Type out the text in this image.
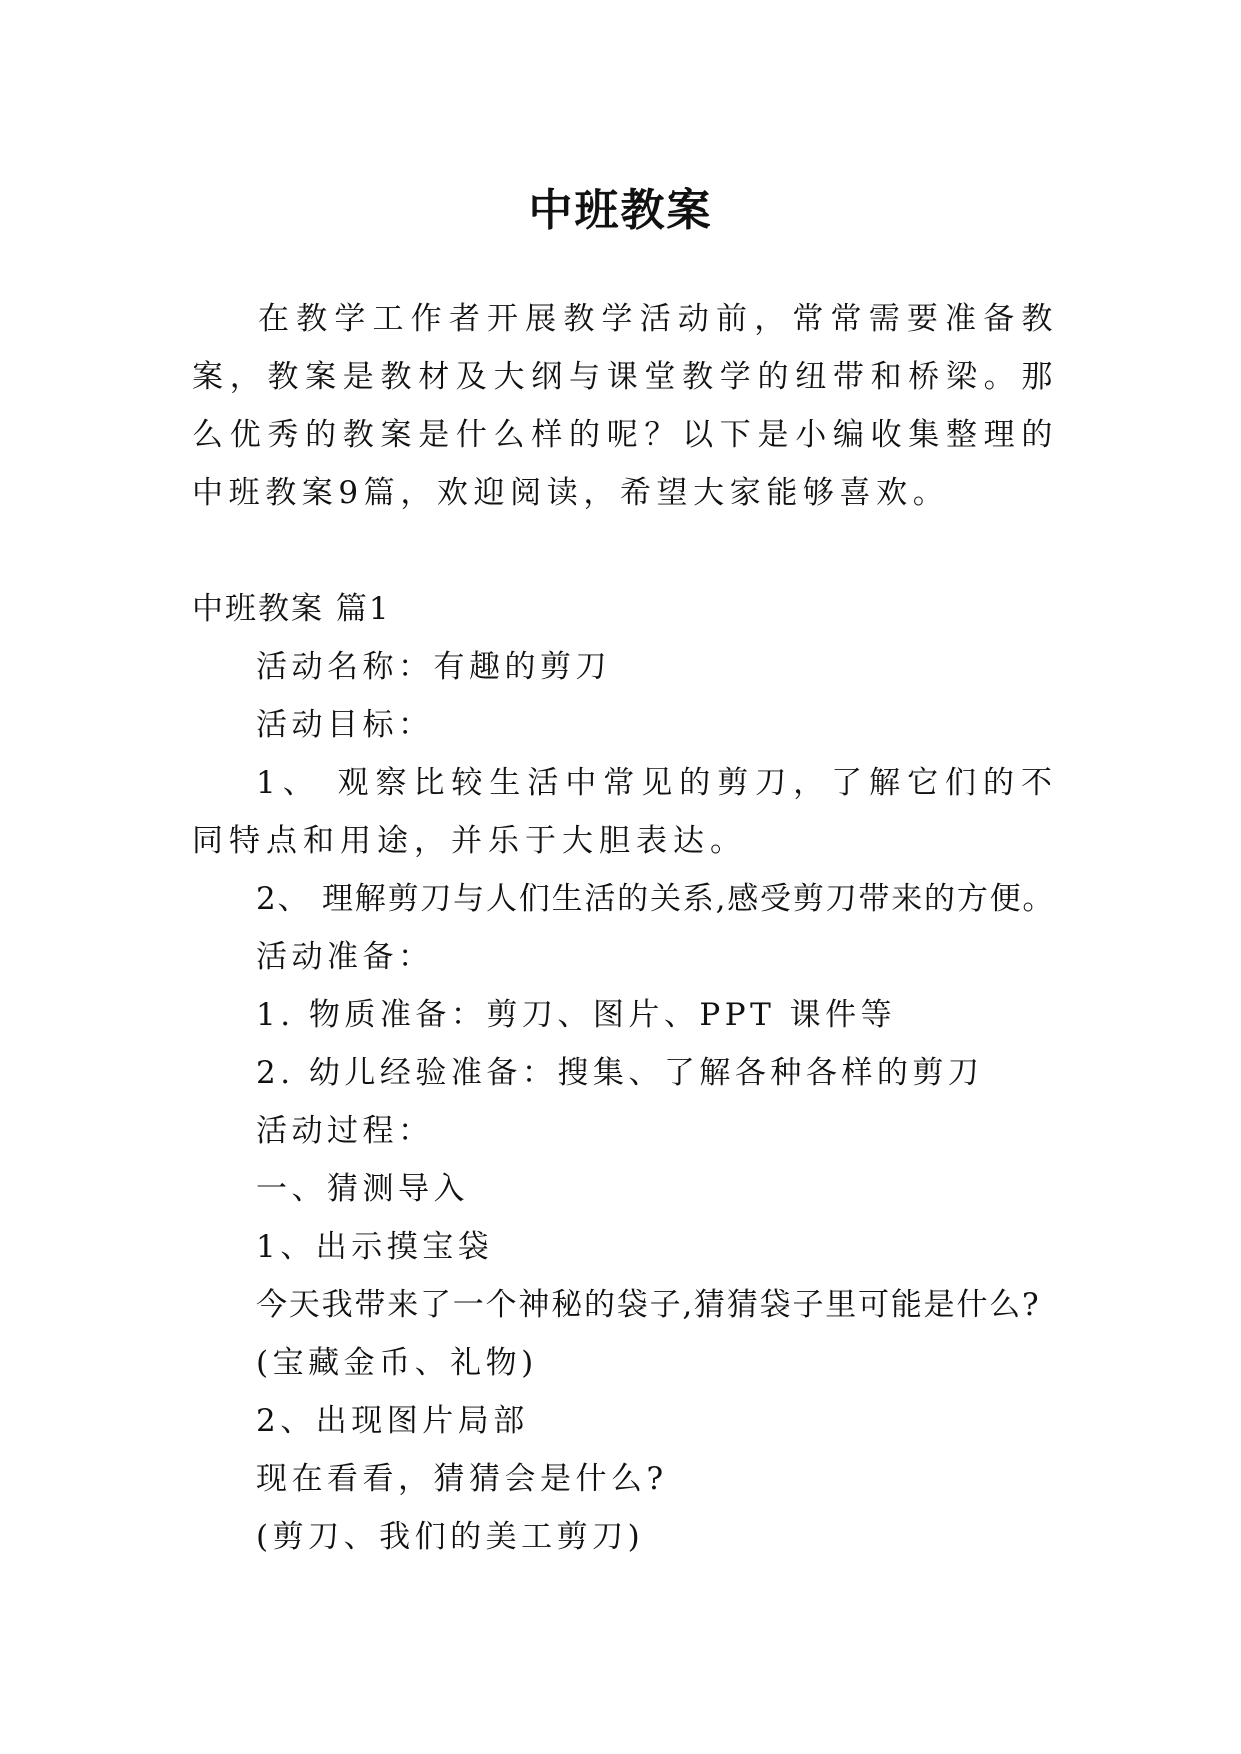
中班教案

在教学工作者开展教学活动前，常常需要准备教案，教案是教材及大纲与课堂教学的纽带和桥梁。那么优秀的教案是什么样的呢？以下是小编收集整理的中班教案9篇，欢迎阅读，希望大家能够喜欢。

中班教案 篇1

活动名称：有趣的剪刀

活动目标：

1、 观察比较生活中常见的剪刀，了解它们的不同特点和用途，并乐于大胆表达。

2、 理解剪刀与人们生活的关系,感受剪刀带来的方便。

活动准备：

1. 物质准备：剪刀、图片、PPT 课件等

2. 幼儿经验准备：搜集、了解各种各样的剪刀

活动过程：

一、猜测导入

1、出示摸宝袋

今天我带来了一个神秘的袋子,猜猜袋子里可能是什么?

(宝藏金币、礼物)

2、出现图片局部

现在看看，猜猜会是什么?

(剪刀、我们的美工剪刀)
